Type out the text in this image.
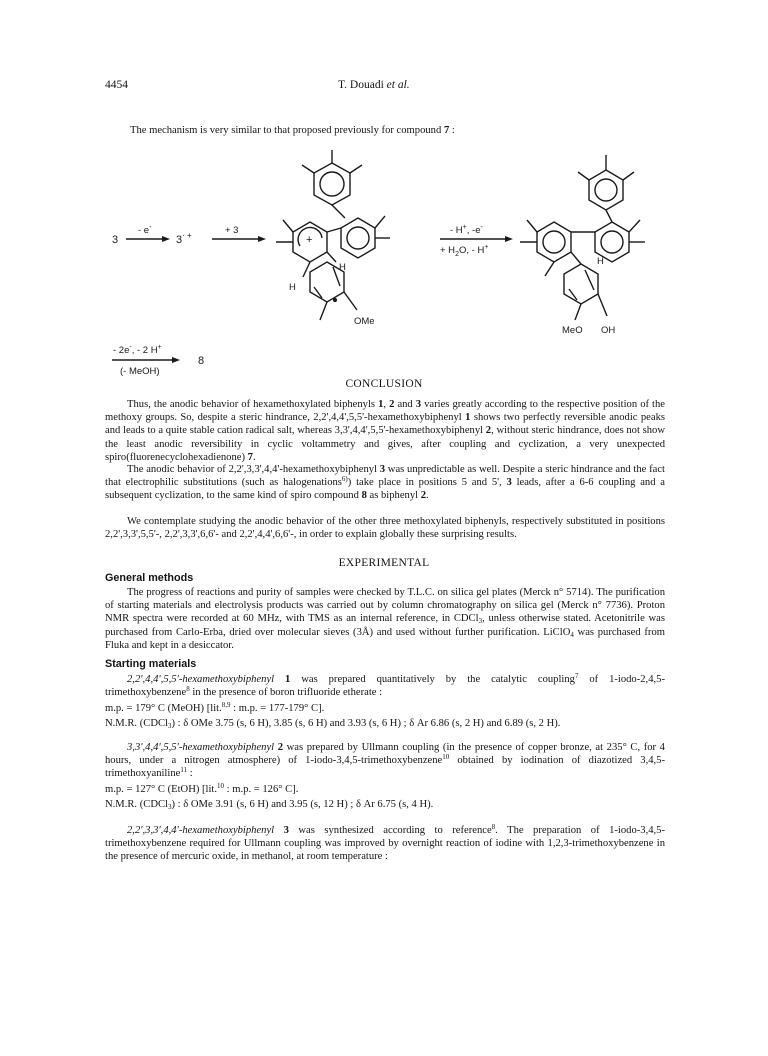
4454	T. Douadi et al.
The mechanism is very similar to that proposed previously for compound 7 :
3
- e-
3· +	+ 3
+
H
H
OMe
- H+, -e-
+ $H_2O$, - H+
H
MeO OH
- 2e-, - 2 H+
(- MeOH)
8
CONCLUSION
Thus, the anodic behavior of hexamethoxylated biphenyls 1, 2 and 3 varies greatly according to the respective position of the methoxy groups. So, despite a steric hindrance, 2,2',4,4',5,5'-hexamethoxybiphenyl 1 shows two perfectly reversible anodic peaks and leads to a quite stable cation radical salt, whereas 3,3',4,4',5,5'-hexamethoxybiphenyl 2, without steric hindrance, does not show the least anodic reversibility in cyclic voltammetry and gives, after coupling and cyclization, a very unexpected spiro(fluorenecyclohexadienone) 7.
The anodic behavior of 2,2',3,3',4,4'-hexamethoxybiphenyl 3 was unpredictable as well. Despite a steric hindrance and the fact that electrophilic substitutions (such as halogenations$^{6)}$) take place in positions 5 and 5', 3 leads, after a 6-6 coupling and a subsequent cyclization, to the same kind of spiro compound 8 as biphenyl 2.
We contemplate studying the anodic behavior of the other three methoxylated biphenyls, respectively substituted in positions 2,2',3,3',5,5'-, 2,2',3,3',6,6'- and 2,2',4,4',6,6'-, in order to explain globally these surprising results.
EXPERIMENTAL
General methods
The progress of reactions and purity of samples were checked by T.L.C. on silica gel plates (Merck n° 5714). The purification of starting materials and electrolysis products was carried out by column chromatography on silica gel (Merck n° 7736). Proton NMR spectra were recorded at 60 MHz, with TMS as an internal reference, in CDCl$_3$, unless otherwise stated. Acetonitrile was purchased from Carlo-Erba, dried over molecular sieves (3Å) and used without further purification. LiClO$_4$ was purchased from Fluka and kept in a desiccator.
Starting materials
2,2',4,4',5,5'-hexamethoxybiphenyl 1 was prepared quantitatively by the catalytic coupling$^7$ of 1-iodo-2,4,5-trimethoxybenzene$^8$ in the presence of boron trifluoride etherate :
m.p. = 179° C (MeOH) [lit.$^{8,9}$ : m.p. = 177-179° C].
N.M.R. (CDCl$_3$) : δ OMe 3.75 (s, 6 H), 3.85 (s, 6 H) and 3.93 (s, 6 H) ; δ Ar 6.86 (s, 2 H) and 6.89 (s, 2 H).
3,3',4,4',5,5'-hexamethoxybiphenyl 2 was prepared by Ullmann coupling (in the presence of copper bronze, at 235° C, for 4 hours, under a nitrogen atmosphere) of 1-iodo-3,4,5-trimethoxybenzene$^{10}$ obtained by iodination of diazotized 3,4,5-trimethoxyaniline$^{11}$ :
m.p. = 127° C (EtOH) [lit.$^{10}$ : m.p. = 126° C].
N.M.R. (CDCl$_3$) : δ OMe 3.91 (s, 6 H) and 3.95 (s, 12 H) ; δ Ar 6.75 (s, 4 H).
2,2',3,3',4,4'-hexamethoxybiphenyl 3 was synthesized according to reference$^8$. The preparation of 1-iodo-3,4,5-trimethoxybenzene required for Ullmann coupling was improved by overnight reaction of iodine with 1,2,3-trimethoxybenzene in the presence of mercuric oxide, in methanol, at room temperature :
